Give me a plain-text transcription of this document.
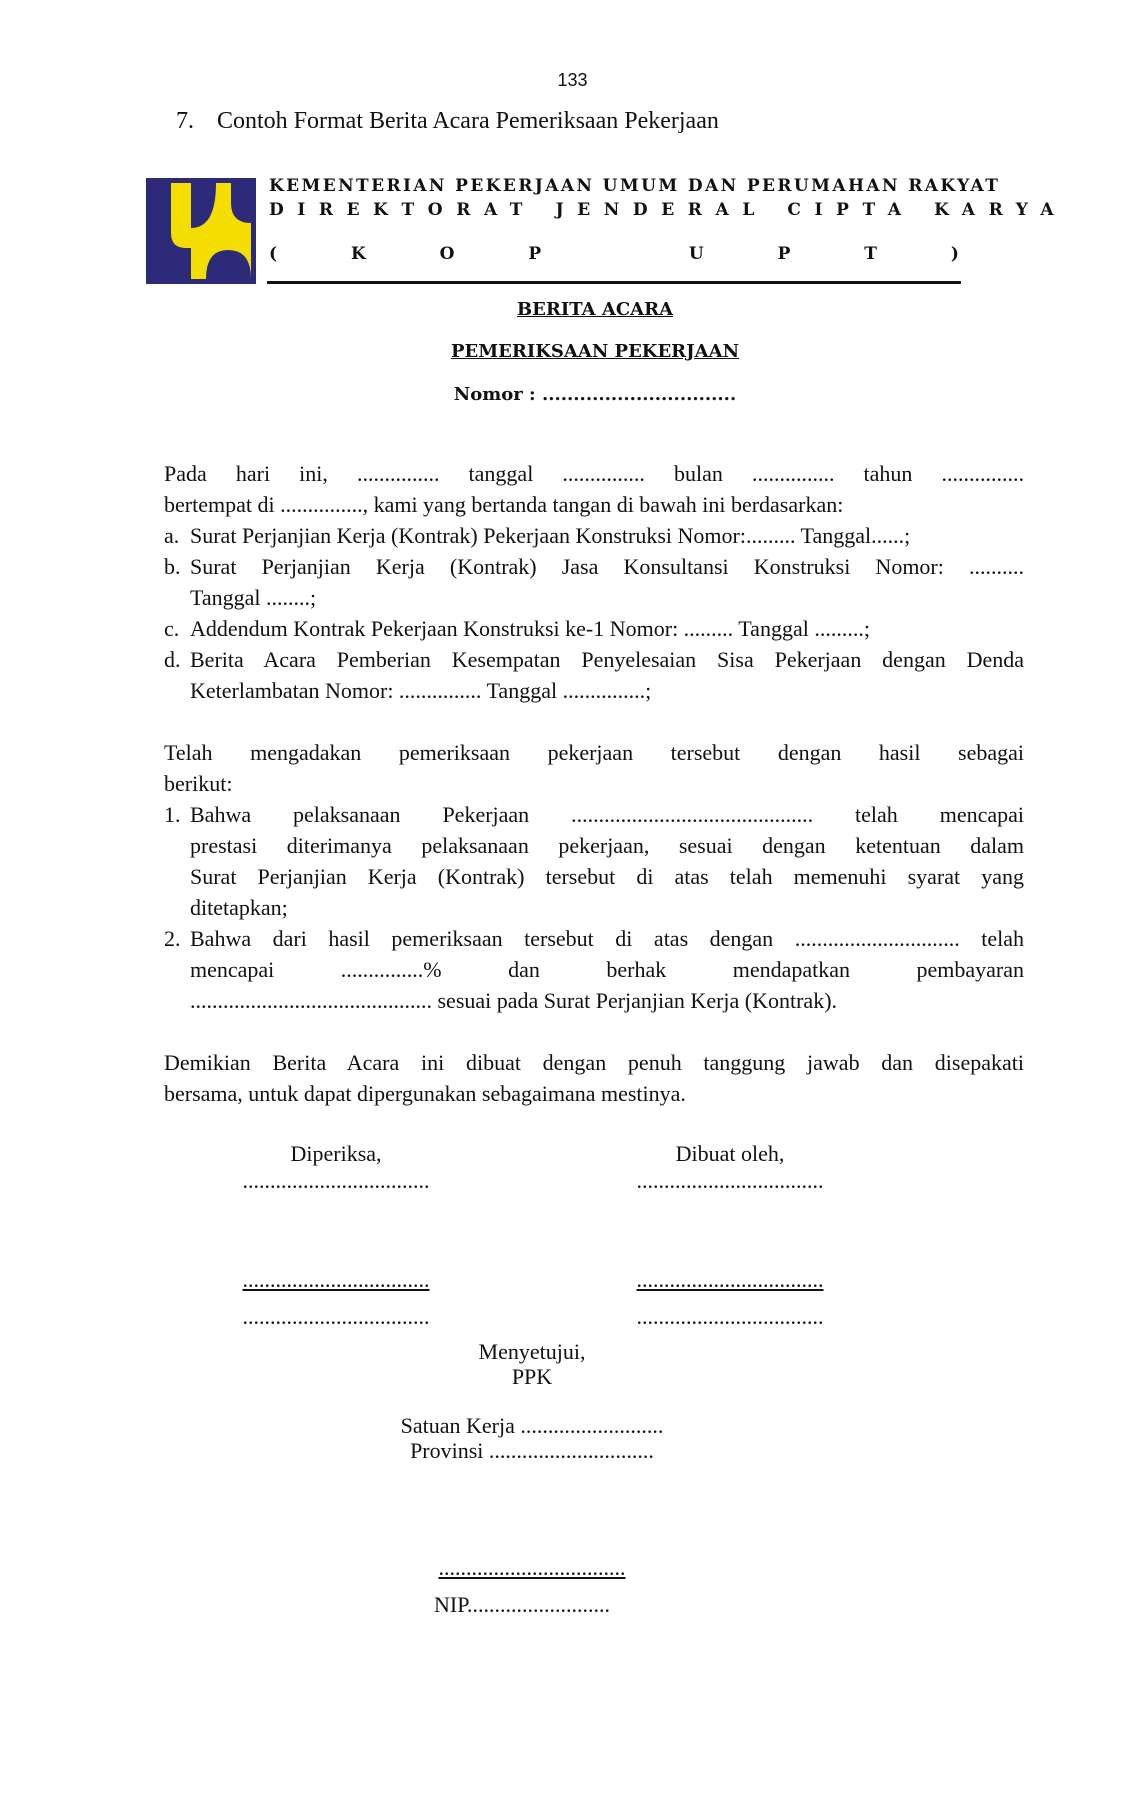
133
7. Contoh Format Berita Acara Pemeriksaan Pekerjaan
KEMENTERIAN PEKERJAAN UMUM DAN PERUMAHAN RAKYAT
DIREKTORAT JENDERAL CIPTA KARYA
(	K	O	P	U	P	T	)
BERITA ACARA
PEMERIKSAAN PEKERJAAN
Nomor : ...............................
Pada hari ini, ............... tanggal ............... bulan ............... tahun ...............
bertempat di ..............., kami yang bertanda tangan di bawah ini berdasarkan:
a. Surat Perjanjian Kerja (Kontrak) Pekerjaan Konstruksi Nomor:......... Tanggal......;
b. Surat Perjanjian Kerja (Kontrak) Jasa Konsultansi Konstruksi Nomor: ..........
Tanggal ........;
c. Addendum Kontrak Pekerjaan Konstruksi ke-1 Nomor: ......... Tanggal .........;
d. Berita Acara Pemberian Kesempatan Penyelesaian Sisa Pekerjaan dengan Denda
Keterlambatan Nomor: ............... Tanggal ...............;
Telah mengadakan pemeriksaan pekerjaan tersebut dengan hasil sebagai
berikut:
1. Bahwa pelaksanaan Pekerjaan ............................................ telah mencapai
prestasi diterimanya pelaksanaan pekerjaan, sesuai dengan ketentuan dalam
Surat Perjanjian Kerja (Kontrak) tersebut di atas telah memenuhi syarat yang
ditetapkan;
2. Bahwa dari hasil pemeriksaan tersebut di atas dengan .............................. telah
mencapai ...............% dan berhak mendapatkan pembayaran
............................................ sesuai pada Surat Perjanjian Kerja (Kontrak).
Demikian Berita Acara ini dibuat dengan penuh tanggung jawab dan disepakati
bersama, untuk dapat dipergunakan sebagaimana mestinya.
Diperiksa,
..................................
..................................
..................................
Dibuat oleh,
..................................
..................................
..................................
Menyetujui,
PPK
Satuan Kerja ..........................
Provinsi ..............................
..................................
NIP..........................
